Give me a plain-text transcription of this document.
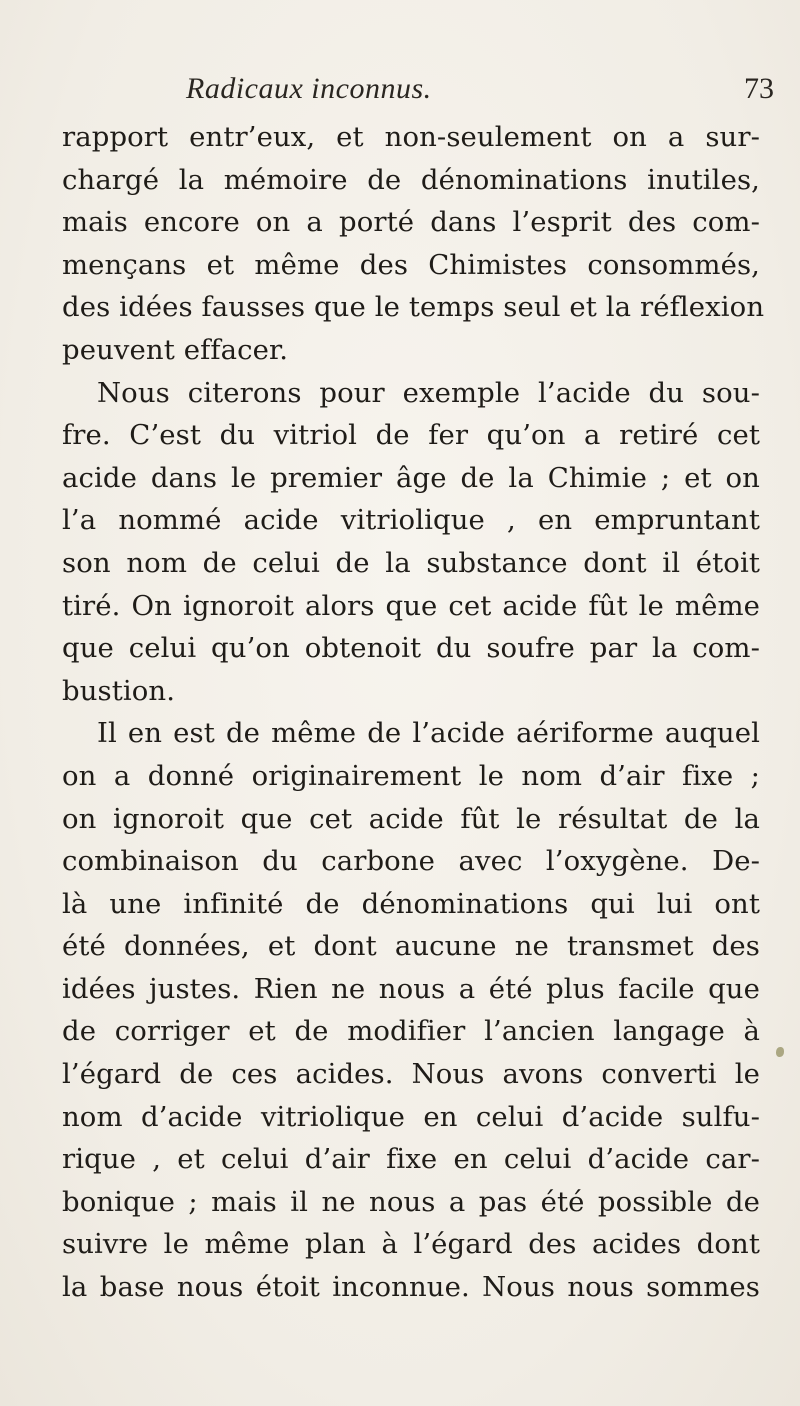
Radicaux inconnus.	73
rapport entr’eux, et non-seulement on a sur-
chargé la mémoire de dénominations inutiles,
mais encore on a porté dans l’esprit des com-
mençans et même des Chimistes consommés,
des idées fausses que le temps seul et la réflexion
peuvent effacer.
Nous citerons pour exemple l’acide du sou-
fre. C’est du vitriol de fer qu’on a retiré cet
acide dans le premier âge de la Chimie ; et on
l’a nommé acide vitriolique , en empruntant
son nom de celui de la substance dont il étoit
tiré. On ignoroit alors que cet acide fût le même
que celui qu’on obtenoit du soufre par la com-
bustion.
Il en est de même de l’acide aériforme auquel
on a donné originairement le nom d’air fixe ;
on ignoroit que cet acide fût le résultat de la
combinaison du carbone avec l’oxygène. De-
là une infinité de dénominations qui lui ont
été données, et dont aucune ne transmet des
idées justes. Rien ne nous a été plus facile que
de corriger et de modifier l’ancien langage à
l’égard de ces acides. Nous avons converti le
nom d’acide vitriolique en celui d’acide sulfu-
rique , et celui d’air fixe en celui d’acide car-
bonique ; mais il ne nous a pas été possible de
suivre le même plan à l’égard des acides dont
la base nous étoit inconnue. Nous nous sommes
